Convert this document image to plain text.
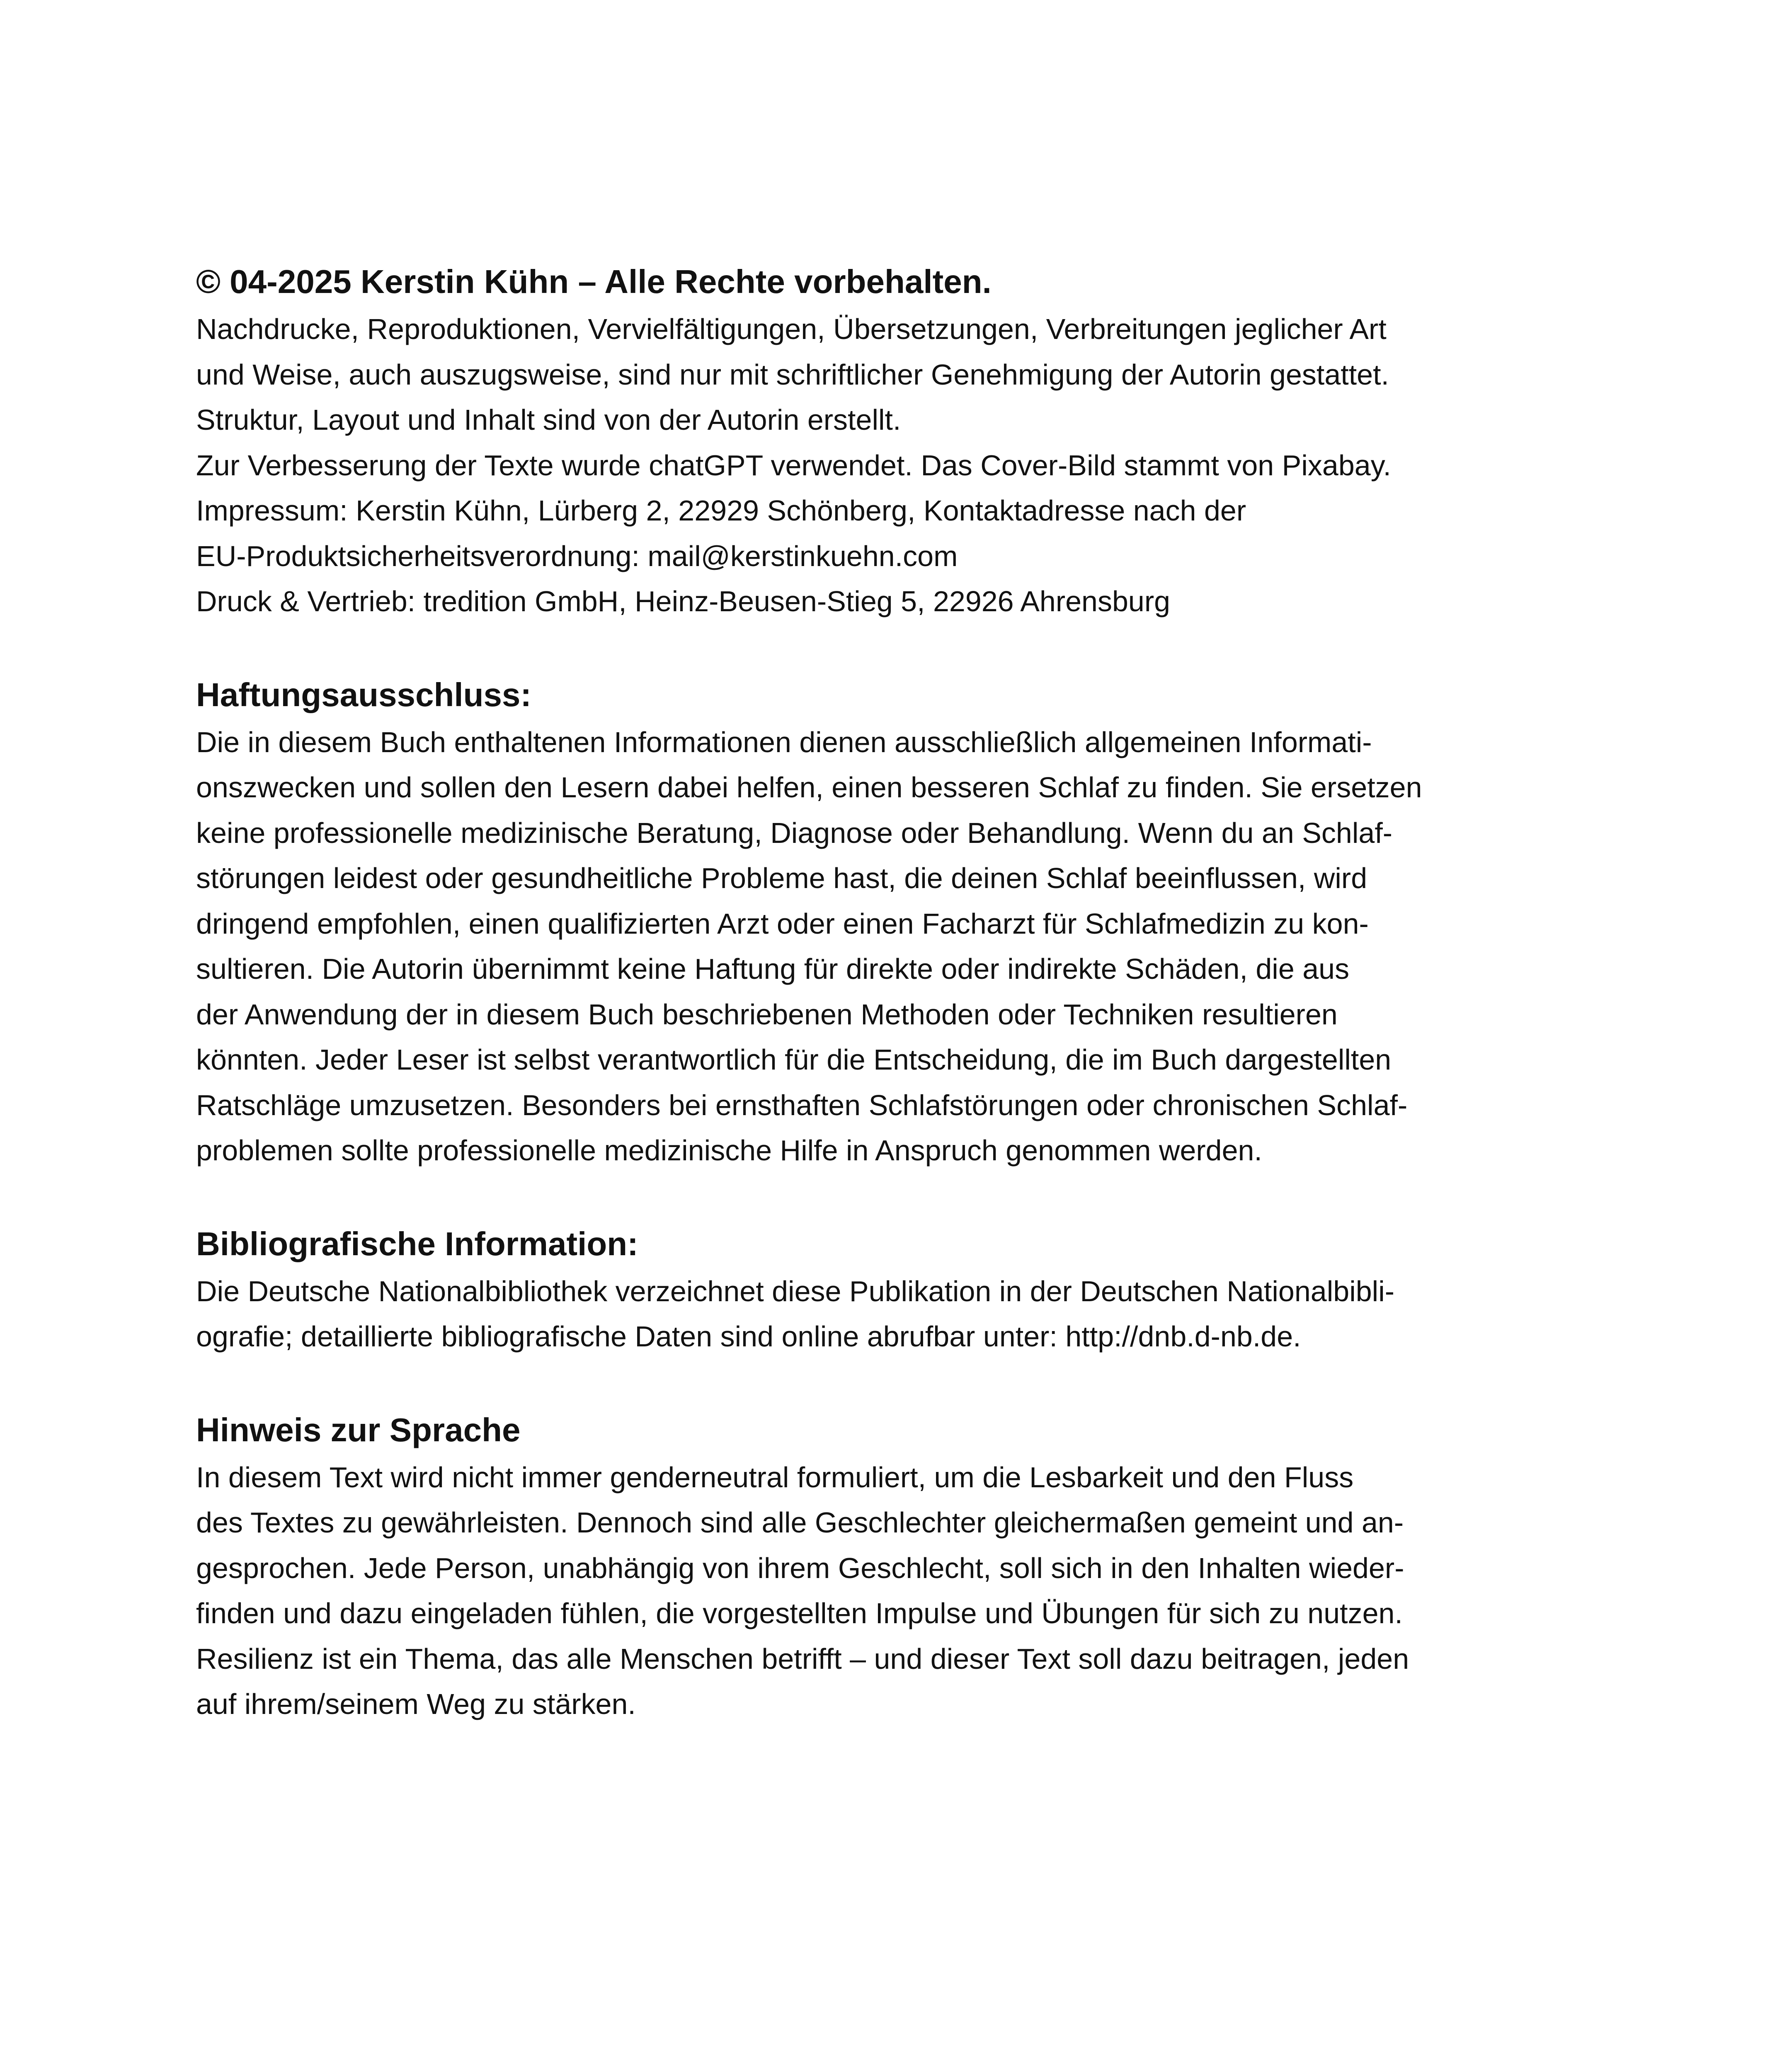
© 04-2025 Kerstin Kühn – Alle Rechte vorbehalten.

Nachdrucke, Reproduktionen, Vervielfältigungen, Übersetzungen, Verbreitungen jeglicher Art

und Weise, auch auszugsweise, sind nur mit schriftlicher Genehmigung der Autorin gestattet.

Struktur, Layout und Inhalt sind von der Autorin erstellt.

Zur Verbesserung der Texte wurde chatGPT verwendet. Das Cover-Bild stammt von Pixabay.

Impressum: Kerstin Kühn, Lürberg 2, 22929 Schönberg, Kontaktadresse nach der

EU-Produktsicherheitsverordnung: mail@kerstinkuehn.com

Druck & Vertrieb: tredition GmbH, Heinz-Beusen-Stieg 5, 22926 Ahrensburg

Haftungsausschluss:

Die in diesem Buch enthaltenen Informationen dienen ausschließlich allgemeinen Informati-

onszwecken und sollen den Lesern dabei helfen, einen besseren Schlaf zu finden. Sie ersetzen

keine professionelle medizinische Beratung, Diagnose oder Behandlung. Wenn du an Schlaf-

störungen leidest oder gesundheitliche Probleme hast, die deinen Schlaf beeinflussen, wird

dringend empfohlen, einen qualifizierten Arzt oder einen Facharzt für Schlafmedizin zu kon-

sultieren. Die Autorin übernimmt keine Haftung für direkte oder indirekte Schäden, die aus

der Anwendung der in diesem Buch beschriebenen Methoden oder Techniken resultieren

könnten. Jeder Leser ist selbst verantwortlich für die Entscheidung, die im Buch dargestellten

Ratschläge umzusetzen. Besonders bei ernsthaften Schlafstörungen oder chronischen Schlaf-

problemen sollte professionelle medizinische Hilfe in Anspruch genommen werden.

Bibliografische Information:

Die Deutsche Nationalbibliothek verzeichnet diese Publikation in der Deutschen Nationalbibli-

ografie; detaillierte bibliografische Daten sind online abrufbar unter: http://dnb.d-nb.de.

Hinweis zur Sprache

In diesem Text wird nicht immer genderneutral formuliert, um die Lesbarkeit und den Fluss

des Textes zu gewährleisten. Dennoch sind alle Geschlechter gleichermaßen gemeint und an-

gesprochen. Jede Person, unabhängig von ihrem Geschlecht, soll sich in den Inhalten wieder-

finden und dazu eingeladen fühlen, die vorgestellten Impulse und Übungen für sich zu nutzen.

Resilienz ist ein Thema, das alle Menschen betrifft – und dieser Text soll dazu beitragen, jeden

auf ihrem/seinem Weg zu stärken.
